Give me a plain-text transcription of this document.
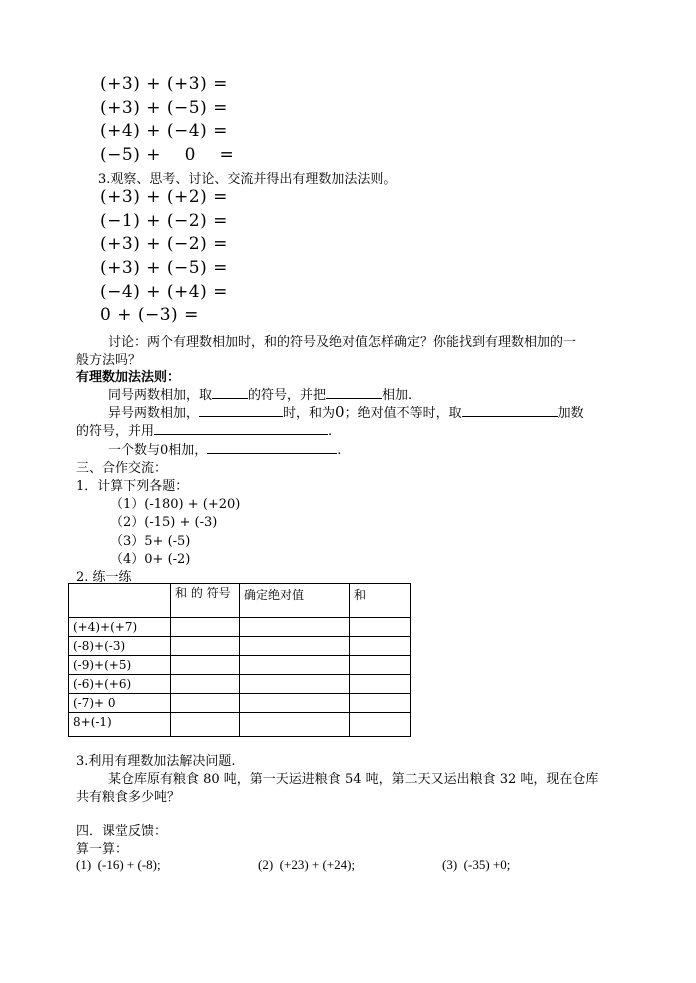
(+3) + (+3) =
(+3) + (−5) =
(+4) + (−4) =
(−5) +    0    =
3.观察、思考、讨论、交流并得出有理数加法法则。
(+3) + (+2) =
(−1) + (−2) =
(+3) + (−2) =
(+3) + (−5) =
(−4) + (+4) =
0 + (−3) =
讨论：两个有理数相加时，和的符号及绝对值怎样确定？你能找到有理数相加的一
般方法吗？
有理数加法法则：
同号两数相加，取	的符号，并把	相加.
异号两数相加，	时，和为0；绝对值不等时，取	加数
的符号，并用	.
一个数与0相加，	.
三、合作交流：
1．计算下列各题：
（1）(-180) + (+20)
（2）(-15) + (-3)
（3）5+ (-5)
（4）0+ (-2)
2. 练一练
	和 的 符号	确定绝对值	和
(+4)+(+7)			
(-8)+(-3)			
(-9)+(+5)			
(-6)+(+6)			
(-7)+ 0			
8+(-1)			
3.利用有理数加法解决问题.
某仓库原有粮食 80 吨，第一天运进粮食 54 吨，第二天又运出粮食 32 吨，现在仓库
共有粮食多少吨？
四．课堂反馈：
算一算：
(1)  (-16) + (-8);	(2)  (+23) + (+24);	(3)  (-35) +0;
